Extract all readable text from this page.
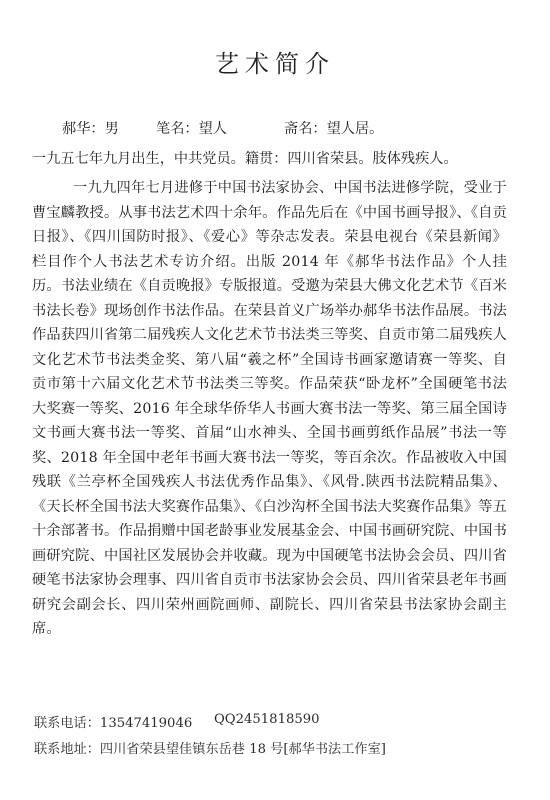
艺术简介
郝华：男	笔名：望人	斋名：望人居。
一九五七年九月出生，中共党员。籍贯：四川省荣县。肢体残疾人。
一九九四年七月进修于中国书法家协会、中国书法进修学院，受业于曹宝麟教授。从事书法艺术四十余年。作品先后在《中国书画导报》、《自贡日报》、《四川国防时报》、《爱心》等杂志发表。荣县电视台《荣县新闻》栏目作个人书法艺术专访介绍。出版 2014 年《郝华书法作品》个人挂历。书法业绩在《自贡晚报》专版报道。受邀为荣县大佛文化艺术节《百米书法长卷》现场创作书法作品。在荣县首义广场举办郝华书法作品展。书法作品获四川省第二届残疾人文化艺术节书法类三等奖、自贡市第二届残疾人文化艺术节书法类金奖、第八届“羲之杯”全国诗书画家邀请赛一等奖、自贡市第十六届文化艺术节书法类三等奖。作品荣获“卧龙杯”全国硬笔书法大奖赛一等奖、2016 年全球华侨华人书画大赛书法一等奖、第三届全国诗文书画大赛书法一等奖、首届“山水神头、全国书画剪纸作品展”书法一等奖、2018 年全国中老年书画大赛书法一等奖，等百余次。作品被收入中国残联《兰亭杯全国残疾人书法优秀作品集》、《风骨.陕西书法院精品集》、《天长杯全国书法大奖赛作品集》、《白沙沟杯全国书法大奖赛作品集》等五十余部著书。作品捐赠中国老龄事业发展基金会、中国书画研究院、中国书画研究院、中国社区发展协会并收藏。现为中国硬笔书法协会会员、四川省硬笔书法家协会理事、四川省自贡市书法家协会会员、四川省荣县老年书画研究会副会长、四川荣州画院画师、副院长、四川省荣县书法家协会副主席。
联系电话：13547419046 QQ2451818590
联系地址：四川省荣县望佳镇东岳巷 18 号[郝华书法工作室]
